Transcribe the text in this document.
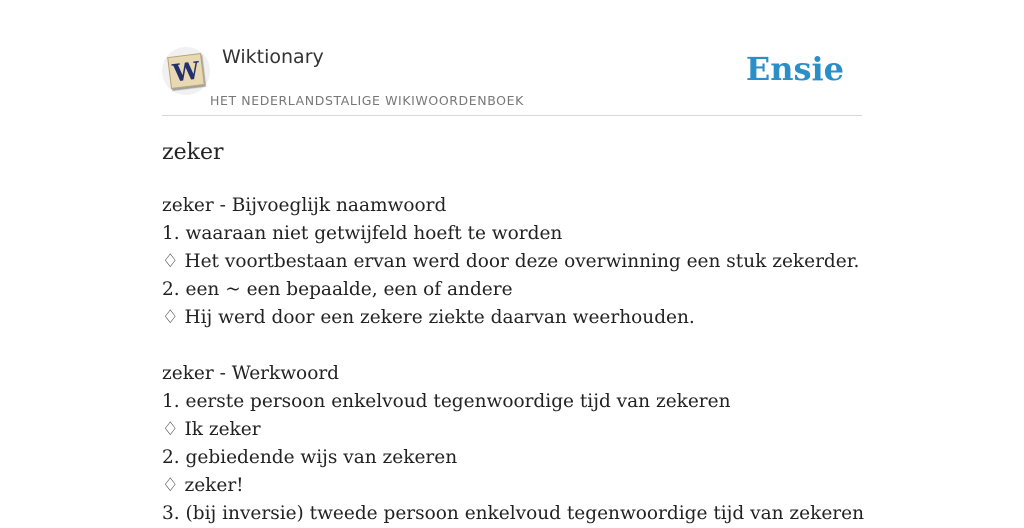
W Wiktionary
HET NEDERLANDSTALIGE WIKIWOORDENBOEK
Ensie
zeker
zeker - Bijvoeglijk naamwoord
1. waaraan niet getwijfeld hoeft te worden
♢ Het voortbestaan ervan werd door deze overwinning een stuk zekerder.
2. een ~ een bepaalde, een of andere
♢ Hij werd door een zekere ziekte daarvan weerhouden.
zeker - Werkwoord
1. eerste persoon enkelvoud tegenwoordige tijd van zekeren
♢ Ik zeker
2. gebiedende wijs van zekeren
♢ zeker!
3. (bij inversie) tweede persoon enkelvoud tegenwoordige tijd van zekeren
